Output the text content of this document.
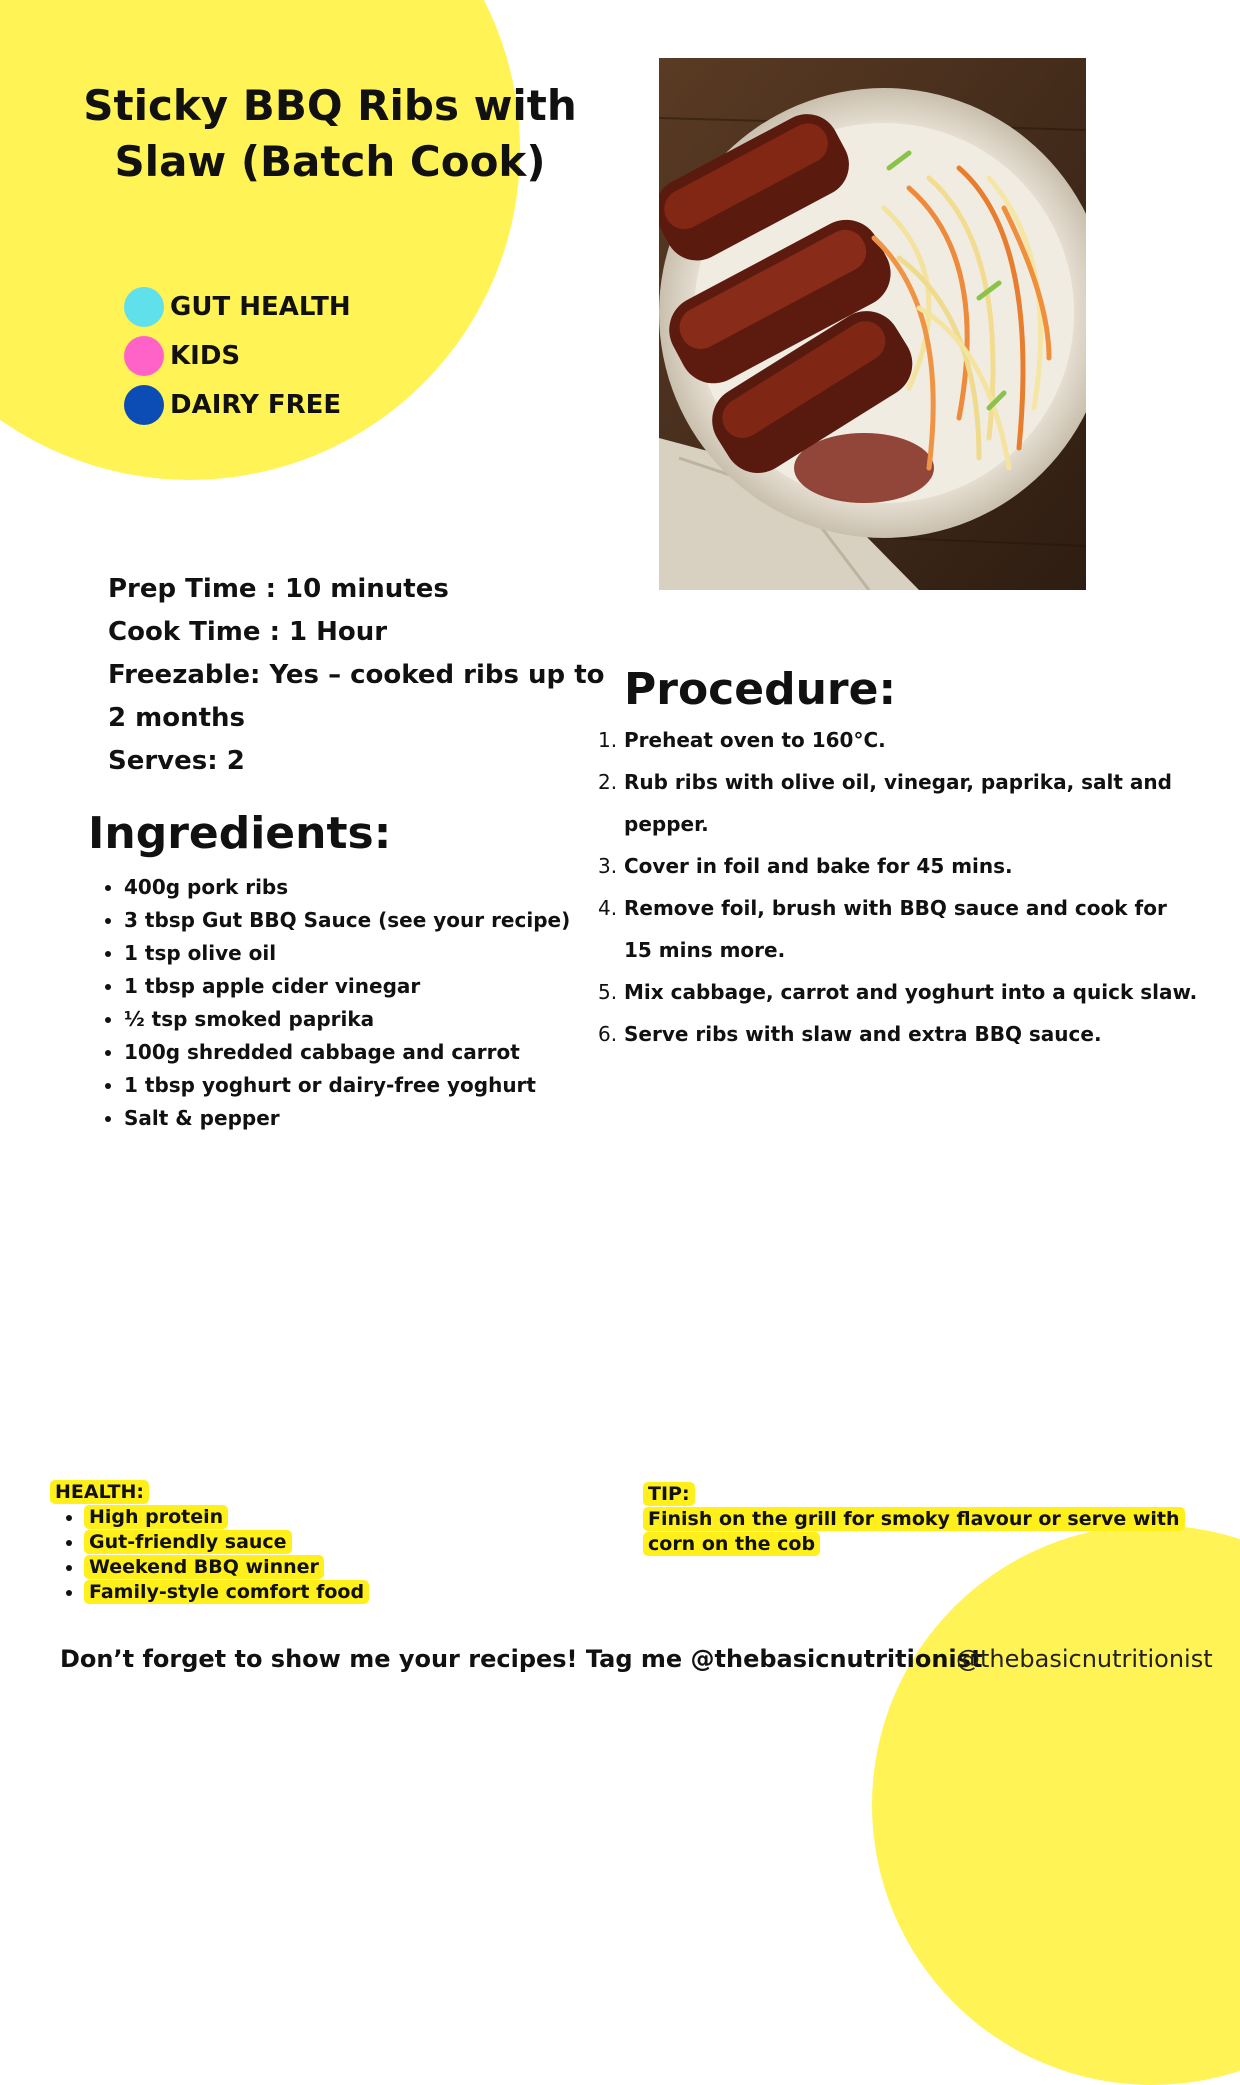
Sticky BBQ Ribs with Slaw (Batch Cook)
GUT HEALTH
KIDS
DAIRY FREE

Prep Time : 10 minutes

Cook Time : 1 Hour

Freezable: Yes – cooked ribs up to 2 months

Serves: 2

Ingredients:
• 400g pork ribs
• 3 tbsp Gut BBQ Sauce (see your recipe)
• 1 tsp olive oil
• 1 tbsp apple cider vinegar
• ½ tsp smoked paprika
• 100g shredded cabbage and carrot
• 1 tbsp yoghurt or dairy-free yoghurt
• Salt & pepper
Procedure:
1. Preheat oven to 160°C.
2. Rub ribs with olive oil, vinegar, paprika, salt and pepper.
3. Cover in foil and bake for 45 mins.
4. Remove foil, brush with BBQ sauce and cook for 15 mins more.
5. Mix cabbage, carrot and yoghurt into a quick slaw.
6. Serve ribs with slaw and extra BBQ sauce.
HEALTH:
• High protein
• Gut-friendly sauce
• Weekend BBQ winner
• Family-style comfort food
TIP:
Finish on the grill for smoky flavour or serve with corn on the cob
Don’t forget to show me your recipes! Tag me @thebasicnutritionist
@thebasicnutritionist
